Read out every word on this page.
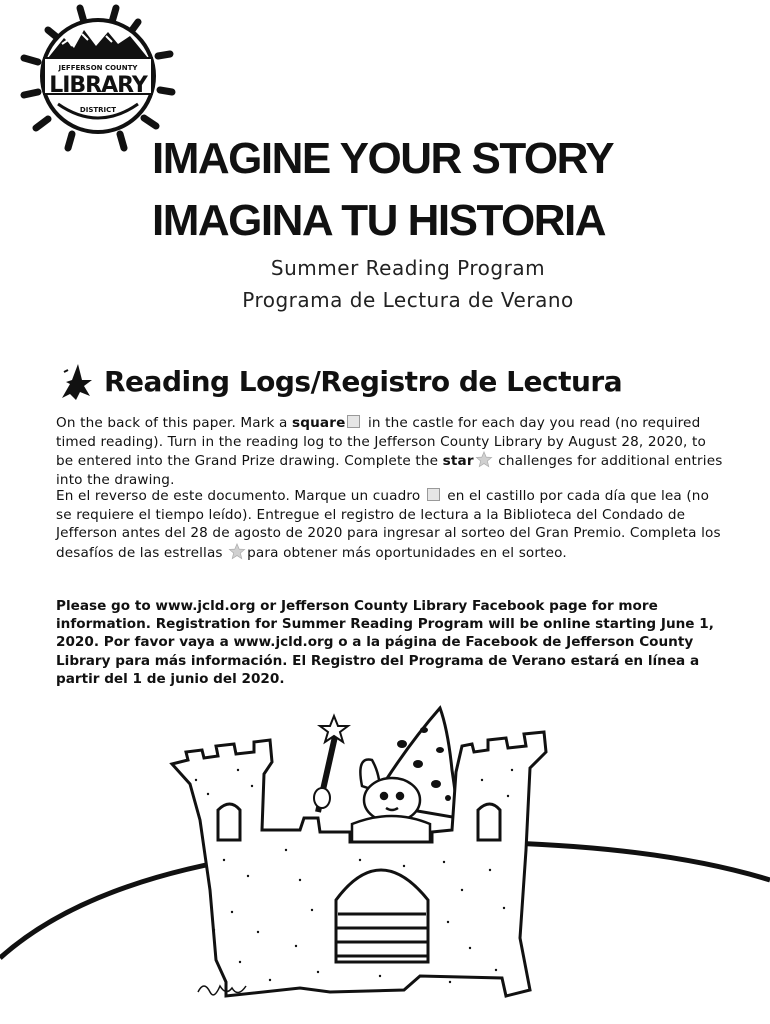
JEFFERSON COUNTY
LIBRARY
DISTRICT
IMAGINE YOUR STORY
IMAGINA TU HISTORIA
Summer Reading Program
Programa de Lectura de Verano
Reading Logs/Registro de Lectura
On the back of this paper. Mark a square in the castle for each day you read (no required timed reading). Turn in the reading log to the Jefferson County Library by August 28, 2020, to be entered into the Grand Prize drawing. Complete the star challenges for additional entries into the drawing.
En el reverso de este documento. Marque un cuadro  en el castillo por cada día que lea (no se requiere el tiempo leído). Entregue el registro de lectura a la Biblioteca del Condado de Jefferson antes del 28 de agosto de 2020 para ingresar al sorteo del Gran Premio. Completa los desafíos de las estrellas para obtener más oportunidades en el sorteo.
Please go to www.jcld.org or Jefferson County Library Facebook page for more information. Registration for Summer Reading Program will be online starting June 1, 2020. Por favor vaya a www.jcld.org o a la página de Facebook de Jefferson County Library para más información. El Registro del Programa de Verano estará en línea a partir del 1 de junio del 2020.
